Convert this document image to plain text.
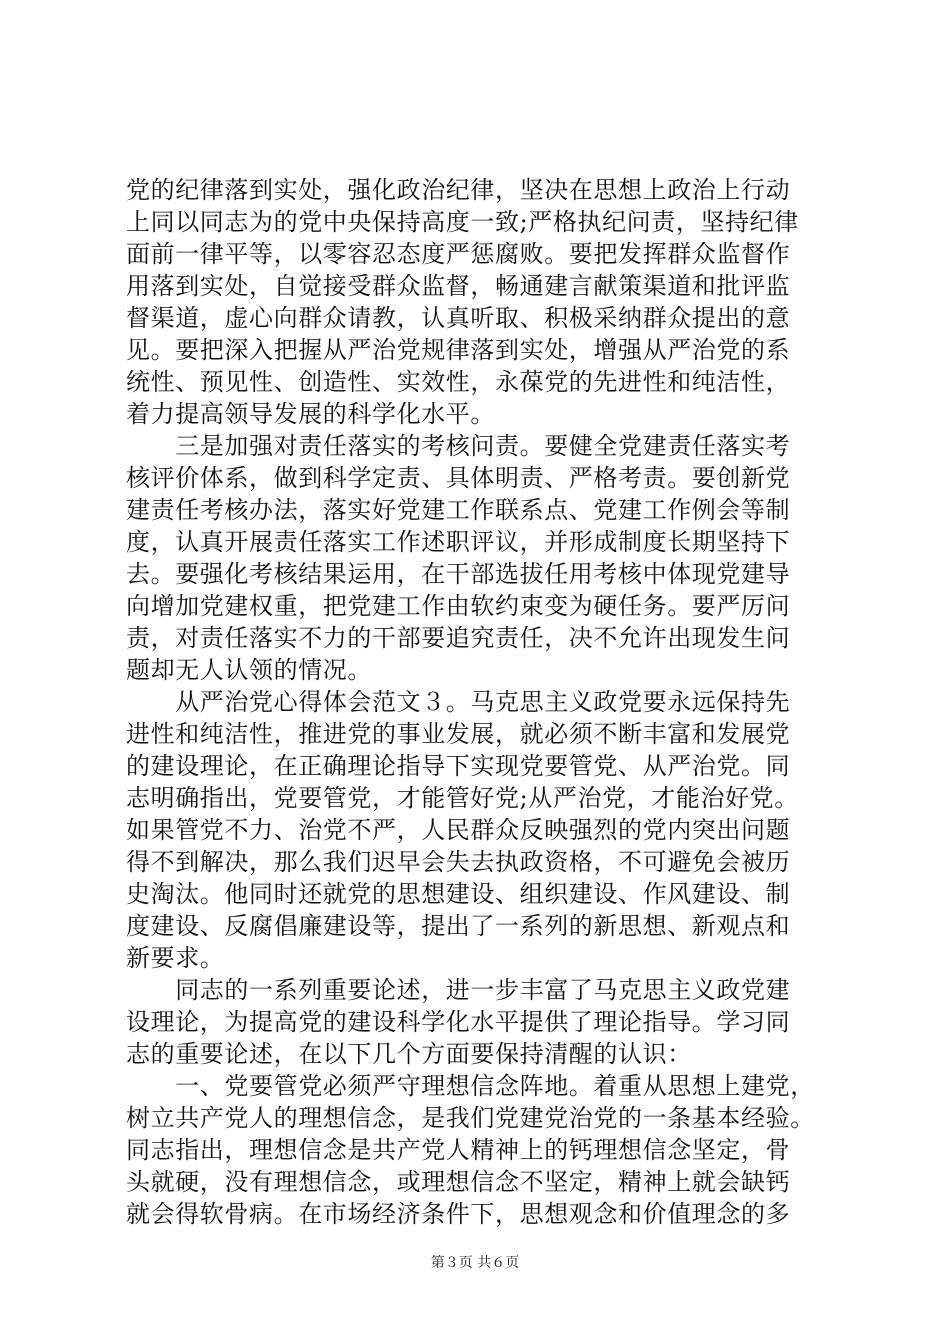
党的纪律落到实处，强化政治纪律，坚决在思想上政治上行动
上同以同志为的党中央保持高度一致;严格执纪问责，坚持纪律
面前一律平等，以零容忍态度严惩腐败。要把发挥群众监督作
用落到实处，自觉接受群众监督，畅通建言献策渠道和批评监
督渠道，虚心向群众请教，认真听取、积极采纳群众提出的意
见。要把深入把握从严治党规律落到实处，增强从严治党的系
统性、预见性、创造性、实效性，永葆党的先进性和纯洁性，
着力提高领导发展的科学化水平。
　　三是加强对责任落实的考核问责。要健全党建责任落实考
核评价体系，做到科学定责、具体明责、严格考责。要创新党
建责任考核办法，落实好党建工作联系点、党建工作例会等制
度，认真开展责任落实工作述职评议，并形成制度长期坚持下
去。要强化考核结果运用，在干部选拔任用考核中体现党建导
向增加党建权重，把党建工作由软约束变为硬任务。要严厉问
责，对责任落实不力的干部要追究责任，决不允许出现发生问
题却无人认领的情况。
　　从严治党心得体会范文３。马克思主义政党要永远保持先
进性和纯洁性，推进党的事业发展，就必须不断丰富和发展党
的建设理论，在正确理论指导下实现党要管党、从严治党。同
志明确指出，党要管党，才能管好党;从严治党，才能治好党。
如果管党不力、治党不严，人民群众反映强烈的党内突出问题
得不到解决，那么我们迟早会失去执政资格，不可避免会被历
史淘汰。他同时还就党的思想建设、组织建设、作风建设、制
度建设、反腐倡廉建设等，提出了一系列的新思想、新观点和
新要求。
　　同志的一系列重要论述，进一步丰富了马克思主义政党建
设理论，为提高党的建设科学化水平提供了理论指导。学习同
志的重要论述，在以下几个方面要保持清醒的认识：
　　一、党要管党必须严守理想信念阵地。着重从思想上建党，
树立共产党人的理想信念，是我们党建党治党的一条基本经验。
同志指出，理想信念是共产党人精神上的钙理想信念坚定，骨
头就硬，没有理想信念，或理想信念不坚定，精神上就会缺钙
就会得软骨病。在市场经济条件下，思想观念和价值理念的多
第３页 共６页
